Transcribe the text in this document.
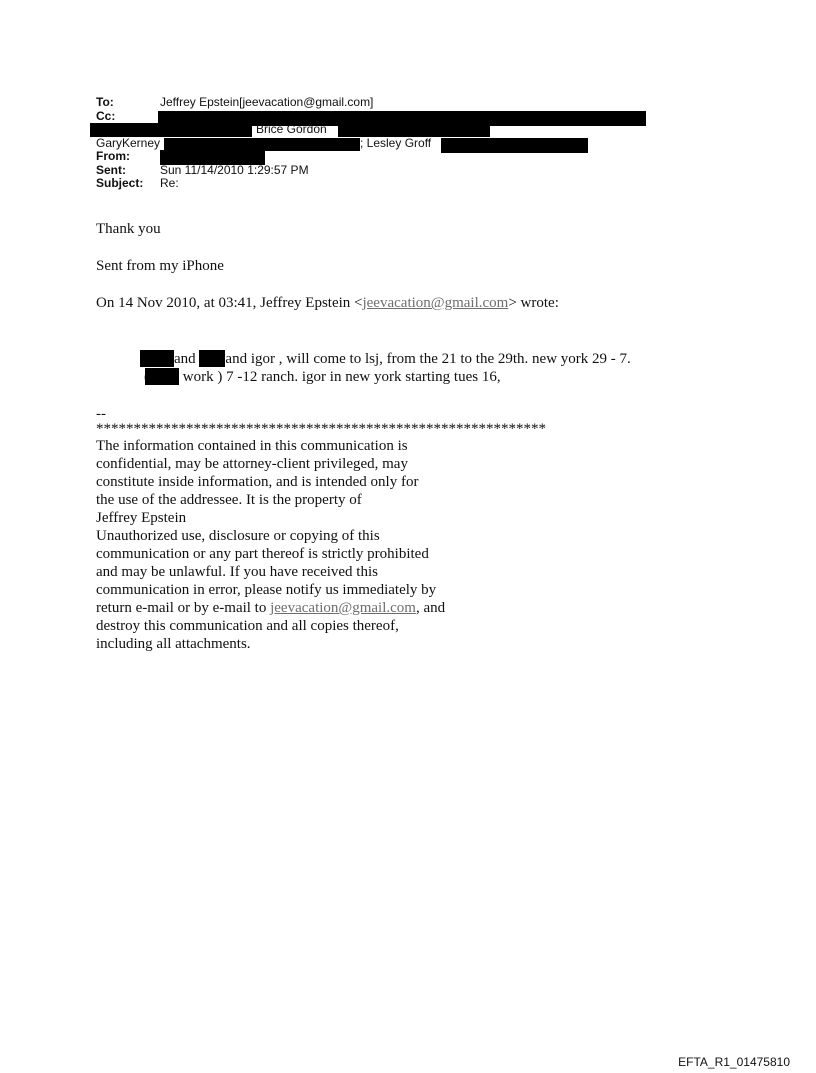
To:	Jeffrey Epstein[jeevacation@gmail.com]
Cc:
Brice Gordon
GaryKerney	; Lesley Groff
From:
Sent:	Sun 11/14/2010 1:29:57 PM
Subject: Re:

Thank you

Sent from my iPhone

On 14 Nov 2010, at 03:41, Jeffrey Epstein <jeevacation@gmail.com> wrote:

and and igor , will come to lsj, from the 21 to the 29th. new york 29 - 7.
work ) 7 -12 ranch. igor in new york starting tues 16,
--
************************************************************
The information contained in this communication is
confidential, may be attorney-client privileged, may
constitute inside information, and is intended only for
the use of the addressee. It is the property of
Jeffrey Epstein
Unauthorized use, disclosure or copying of this
communication or any part thereof is strictly prohibited
and may be unlawful. If you have received this
communication in error, please notify us immediately by
return e-mail or by e-mail to jeevacation@gmail.com, and
destroy this communication and all copies thereof,
including all attachments.
EFTA_R1_01475810
